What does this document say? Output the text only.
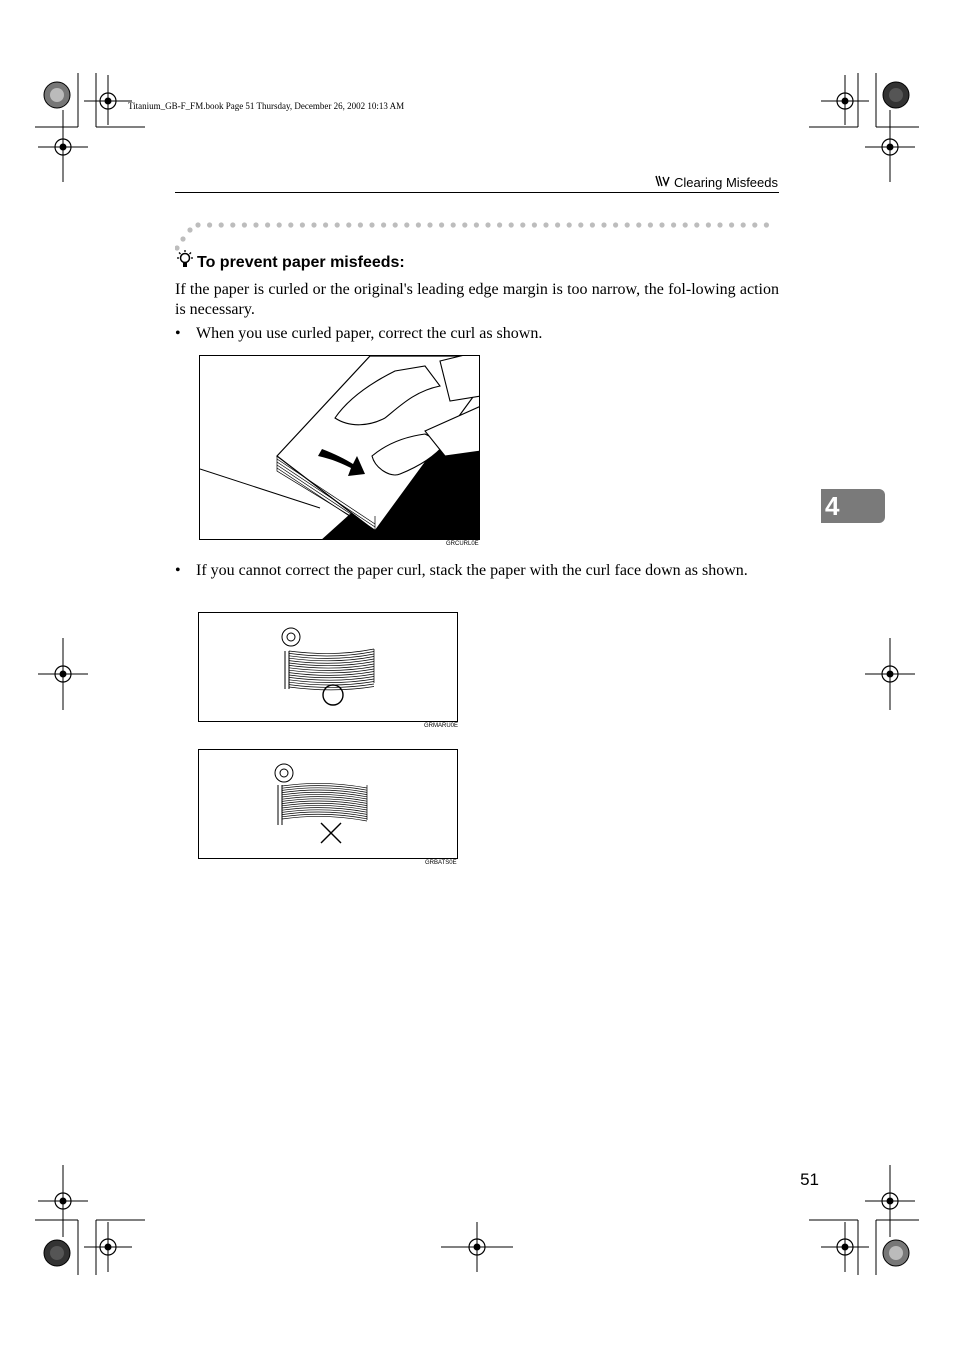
Titanium_GB-F_FM.book Page 51 Thursday, December 26, 2002 10:13 AM
Clearing Misfeeds
4
To prevent paper misfeeds:
If the paper is curled or the original's leading edge margin is too narrow, the fol-lowing action is necessary.
• When you use curled paper, correct the curl as shown.
GRCURL0E
• If you cannot correct the paper curl, stack the paper with the curl face down as shown.
GRMARU0E
GRBATS0E
51
